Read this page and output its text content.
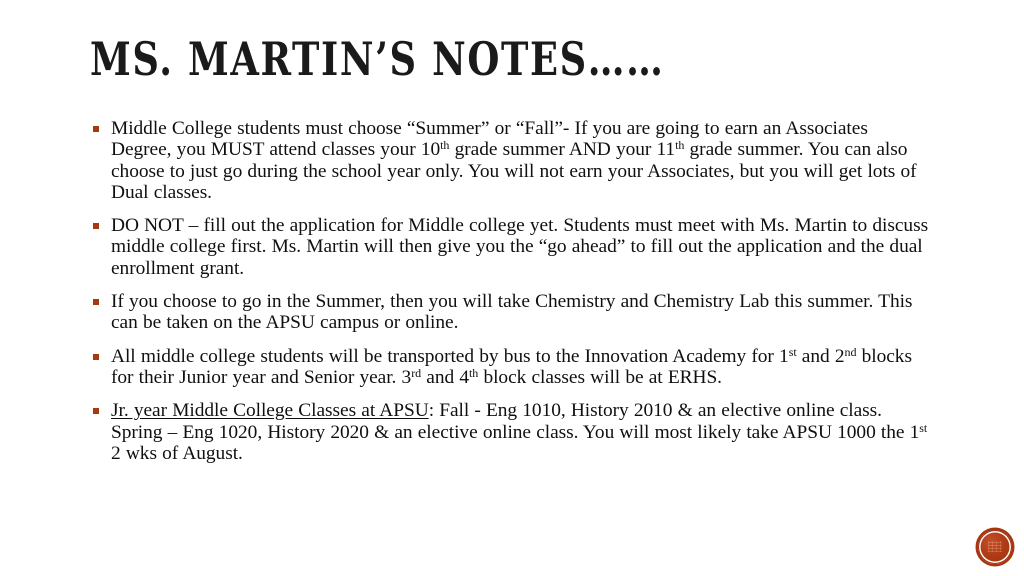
MS. MARTIN’S NOTES……
Middle College students must choose “Summer” or “Fall”- If you are going to earn an Associates Degree, you MUST attend classes your 10th grade summer AND your 11th grade summer. You can also choose to just go during the school year only. You will not earn your Associates, but you will get lots of Dual classes.
DO NOT – fill out the application for Middle college yet. Students must meet with Ms. Martin to discuss middle college first. Ms. Martin will then give you the “go ahead” to fill out the application and the dual enrollment grant.
If you choose to go in the Summer, then you will take Chemistry and Chemistry Lab this summer. This can be taken on the APSU campus or online.
All middle college students will be transported by bus to the Innovation Academy for 1st and 2nd blocks for their Junior year and Senior year. 3rd and 4th block classes will be at ERHS.
Jr. year Middle College Classes at APSU: Fall - Eng 1010, History 2010 & an elective online class. Spring – Eng 1020, History 2020 & an elective online class. You will most likely take APSU 1000 the 1st 2 wks of August.
